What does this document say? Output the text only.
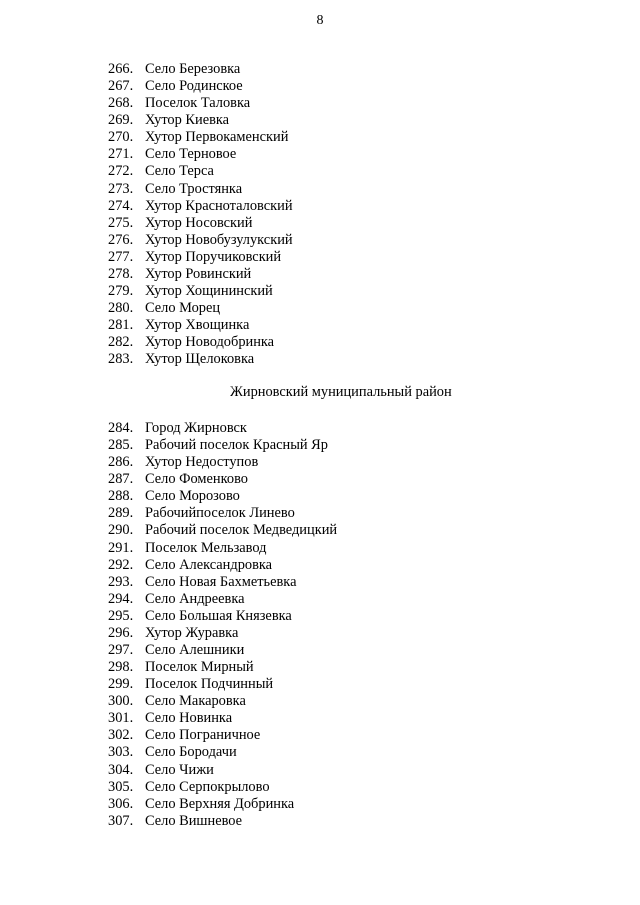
8
266. Село Березовка
267. Село Родинское
268. Поселок Таловка
269. Хутор Киевка
270. Хутор Первокаменский
271. Село Терновое
272. Село Терса
273. Село Тростянка
274. Хутор Красноталовский
275. Хутор Носовский
276. Хутор Новобузулукский
277. Хутор Поручиковский
278. Хутор Ровинский
279. Хутор Хощининский
280. Село Морец
281. Хутор Хвощинка
282. Хутор Новодобринка
283. Хутор Щелоковка
Жирновский муниципальный район
284. Город Жирновск
285. Рабочий поселок Красный Яр
286. Хутор Недоступов
287. Село Фоменково
288. Село Морозово
289. Рабочийпоселок Линево
290. Рабочий поселок Медведицкий
291. Поселок Мельзавод
292. Село Александровка
293. Село Новая Бахметьевка
294. Село Андреевка
295. Село Большая Князевка
296. Хутор Журавка
297. Село Алешники
298. Поселок Мирный
299. Поселок Подчинный
300. Село Макаровка
301. Село Новинка
302. Село Пограничное
303. Село Бородачи
304. Село Чижи
305. Село Серпокрылово
306. Село Верхняя Добринка
307. Село Вишневое
